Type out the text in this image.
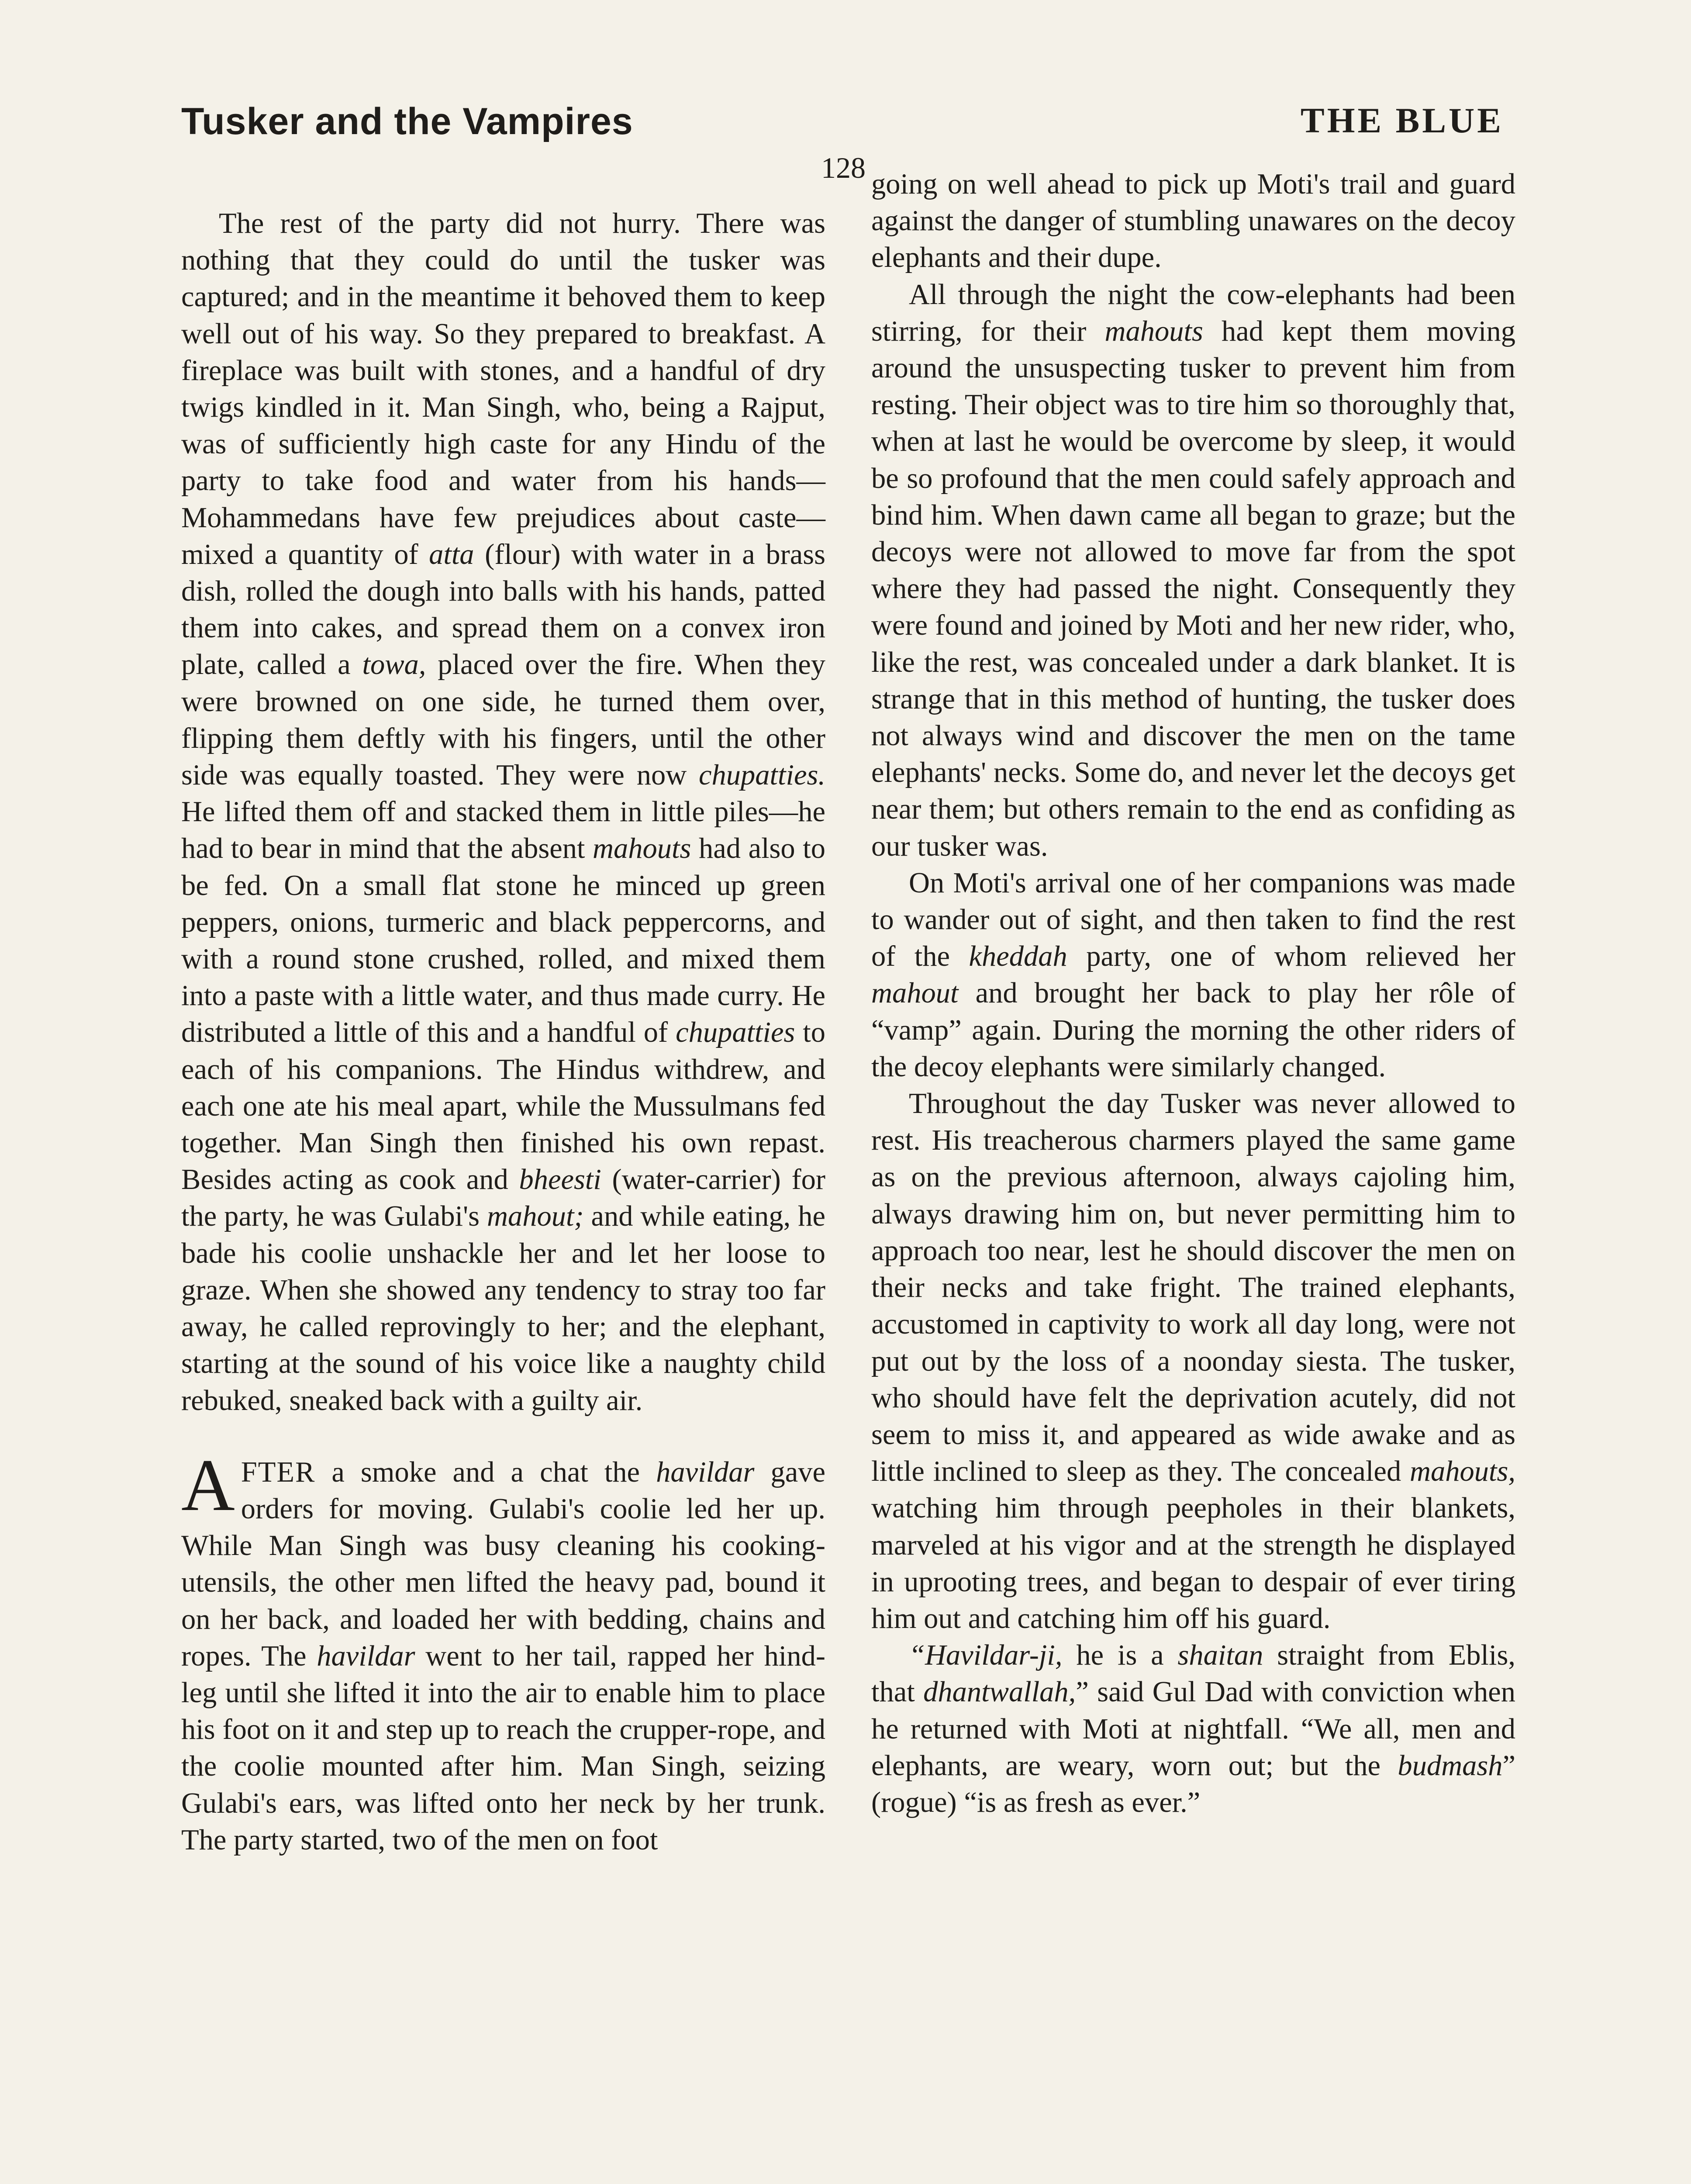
Tusker and the Vampires	THE BLUE
128

The rest of the party did not hurry. There was nothing that they could do until the tusker was captured; and in the meantime it behoved them to keep well out of his way. So they prepared to breakfast. A fireplace was built with stones, and a handful of dry twigs kindled in it. Man Singh, who, being a Rajput, was of sufficiently high caste for any Hindu of the party to take food and water from his hands—Mohammedans have few prejudices about caste—mixed a quantity of atta (flour) with water in a brass dish, rolled the dough into balls with his hands, patted them into cakes, and spread them on a convex iron plate, called a towa, placed over the fire. When they were browned on one side, he turned them over, flipping them deftly with his fingers, until the other side was equally toasted. They were now chupatties. He lifted them off and stacked them in little piles—he had to bear in mind that the absent mahouts had also to be fed. On a small flat stone he minced up green peppers, onions, turmeric and black peppercorns, and with a round stone crushed, rolled, and mixed them into a paste with a little water, and thus made curry. He distributed a little of this and a handful of chupatties to each of his companions. The Hindus withdrew, and each one ate his meal apart, while the Mussulmans fed together. Man Singh then finished his own repast. Besides acting as cook and bheesti (water-carrier) for the party, he was Gulabi's mahout; and while eating, he bade his coolie unshackle her and let her loose to graze. When she showed any tendency to stray too far away, he called reprovingly to her; and the elephant, starting at the sound of his voice like a naughty child rebuked, sneaked back with a guilty air.

AFTER a smoke and a chat the havildar gave orders for moving. Gulabi's coolie led her up. While Man Singh was busy cleaning his cooking-utensils, the other men lifted the heavy pad, bound it on her back, and loaded her with bedding, chains and ropes. The havildar went to her tail, rapped her hind-leg until she lifted it into the air to enable him to place his foot on it and step up to reach the crupper-rope, and the coolie mounted after him. Man Singh, seizing Gulabi's ears, was lifted onto her neck by her trunk. The party started, two of the men on foot

going on well ahead to pick up Moti's trail and guard against the danger of stumbling unawares on the decoy elephants and their dupe.

All through the night the cow-elephants had been stirring, for their mahouts had kept them moving around the unsuspecting tusker to prevent him from resting. Their object was to tire him so thoroughly that, when at last he would be overcome by sleep, it would be so profound that the men could safely approach and bind him. When dawn came all began to graze; but the decoys were not allowed to move far from the spot where they had passed the night. Consequently they were found and joined by Moti and her new rider, who, like the rest, was concealed under a dark blanket. It is strange that in this method of hunting, the tusker does not always wind and discover the men on the tame elephants' necks. Some do, and never let the decoys get near them; but others remain to the end as confiding as our tusker was.

On Moti's arrival one of her companions was made to wander out of sight, and then taken to find the rest of the kheddah party, one of whom relieved her mahout and brought her back to play her rôle of “vamp” again. During the morning the other riders of the decoy elephants were similarly changed.

Throughout the day Tusker was never allowed to rest. His treacherous charmers played the same game as on the previous afternoon, always cajoling him, always drawing him on, but never permitting him to approach too near, lest he should discover the men on their necks and take fright. The trained elephants, accustomed in captivity to work all day long, were not put out by the loss of a noonday siesta. The tusker, who should have felt the deprivation acutely, did not seem to miss it, and appeared as wide awake and as little inclined to sleep as they. The concealed mahouts, watching him through peepholes in their blankets, marveled at his vigor and at the strength he displayed in uprooting trees, and began to despair of ever tiring him out and catching him off his guard.

“Havildar-ji, he is a shaitan straight from Eblis, that dhantwallah,” said Gul Dad with conviction when he returned with Moti at nightfall. “We all, men and elephants, are weary, worn out; but the budmash” (rogue) “is as fresh as ever.”
